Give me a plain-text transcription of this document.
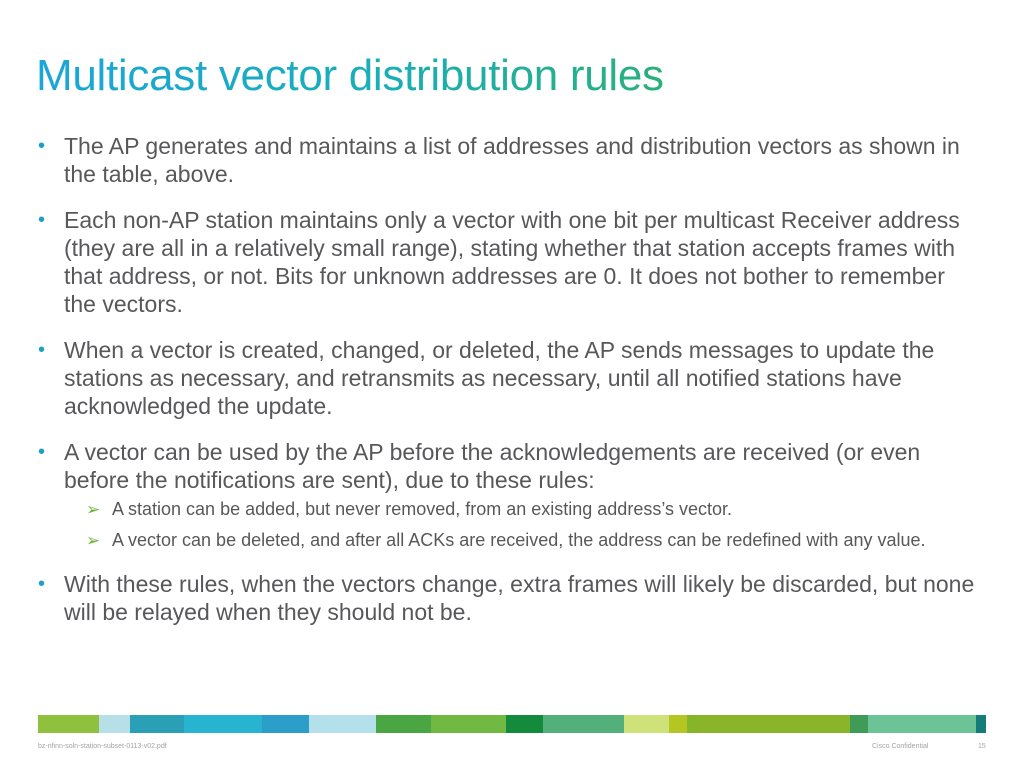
Multicast vector distribution rules
• The AP generates and maintains a list of addresses and distribution vectors as shown in the table, above.
• Each non-AP station maintains only a vector with one bit per multicast Receiver address (they are all in a relatively small range), stating whether that station accepts frames with that address, or not. Bits for unknown addresses are 0. It does not bother to remember the vectors.
• When a vector is created, changed, or deleted, the AP sends messages to update the stations as necessary, and retransmits as necessary, until all notified stations have acknowledged the update.
• A vector can be used by the AP before the acknowledgements are received (or even before the notifications are sent), due to these rules:
➢ A station can be added, but never removed, from an existing address’s vector.
➢ A vector can be deleted, and after all ACKs are received, the address can be redefined with any value.
• With these rules, when the vectors change, extra frames will likely be discarded, but none will be relayed when they should not be.
bz-nfinn-soln-station-subset-0113-v02.pdf	Cisco Confidential	15
